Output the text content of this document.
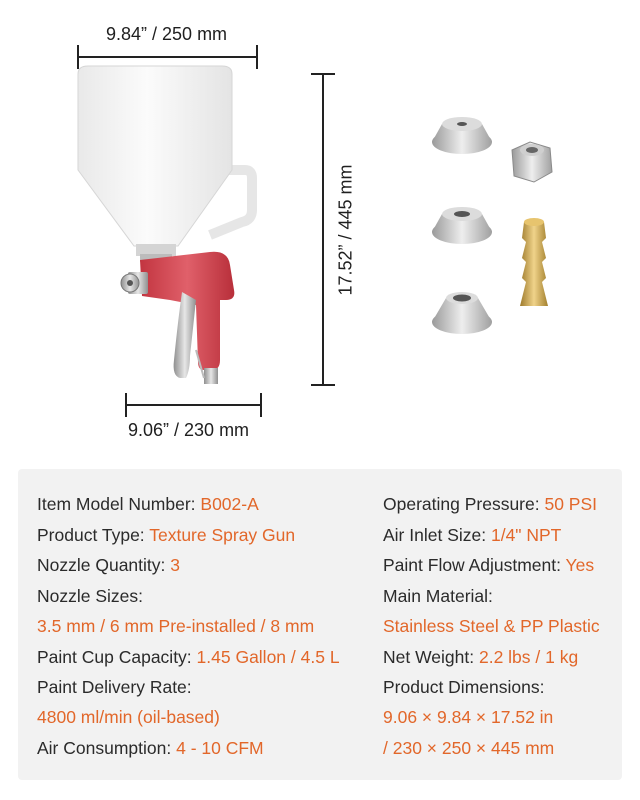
9.84” / 250 mm
17.52” / 445 mm
9.06” / 230 mm
Item Model Number: B002-A
Product Type: Texture Spray Gun
Nozzle Quantity: 3
Nozzle Sizes:
3.5 mm / 6 mm Pre-installed / 8 mm
Paint Cup Capacity: 1.45 Gallon / 4.5 L
Paint Delivery Rate:
4800 ml/min (oil-based)
Air Consumption: 4 - 10 CFM
Operating Pressure: 50 PSI
Air Inlet Size: 1/4" NPT
Paint Flow Adjustment: Yes
Main Material:
Stainless Steel & PP Plastic
Net Weight: 2.2 lbs / 1 kg
Product Dimensions:
9.06 × 9.84 × 17.52 in
/ 230 × 250 × 445 mm
